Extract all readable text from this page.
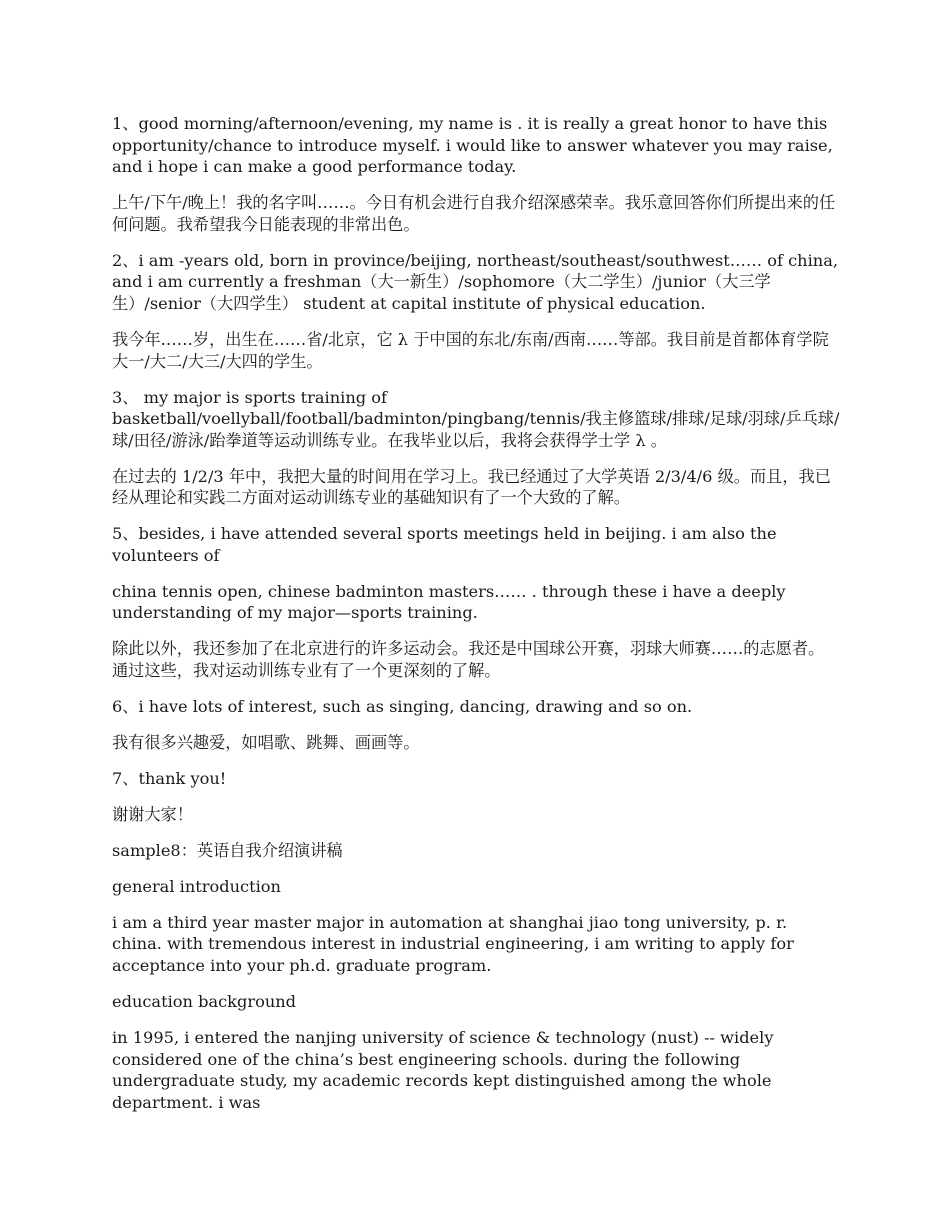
1、good morning/afternoon/evening, my name is . it is really a great honor to have this opportunity/chance to introduce myself. i would like to answer whatever you may raise, and i hope i can make a good performance today.

上午/下午/晚上！我的名字叫……。今日有机会进行自我介绍深感荣幸。我乐意回答你们所提出来的任何问题。我希望我今日能表现的非常出色。

2、i am -years old, born in province/beijing, northeast/southeast/southwest…… of china, and i am currently a freshman（大一新生）/sophomore（大二学生）/junior（大三学生）/senior（大四学生） student at capital institute of physical education.

我今年……岁，出生在……省/北京，它 λ 于中国的东北/东南/西南……等部。我目前是首都体育学院大一/大二/大三/大四的学生。

3、 my major is sports training of basketball/voellyball/football/badminton/pingbang/tennis/我主修篮球/排球/足球/羽球/乒乓球/球/田径/游泳/跆拳道等运动训练专业。在我毕业以后，我将会获得学士学 λ 。

在过去的 1/2/3 年中，我把大量的时间用在学习上。我已经通过了大学英语 2/3/4/6 级。而且，我已经从理论和实践二方面对运动训练专业的基础知识有了一个大致的了解。

5、besides, i have attended several sports meetings held in beijing. i am also the volunteers of

china tennis open, chinese badminton masters…… . through these i have a deeply understanding of my major—sports training.

除此以外，我还参加了在北京进行的许多运动会。我还是中国球公开赛，羽球大师赛……的志愿者。通过这些，我对运动训练专业有了一个更深刻的了解。

6、i have lots of interest, such as singing, dancing, drawing and so on.

我有很多兴趣爱，如唱歌、跳舞、画画等。

7、thank you!

谢谢大家！

sample8：英语自我介绍演讲稿

general introduction

i am a third year master major in automation at shanghai jiao tong university, p. r. china. with tremendous interest in industrial engineering, i am writing to apply for acceptance into your ph.d. graduate program.

education background

in 1995, i entered the nanjing university of science & technology (nust) -- widely considered one of the china’s best engineering schools. during the following undergraduate study, my academic records kept distinguished among the whole department. i was
